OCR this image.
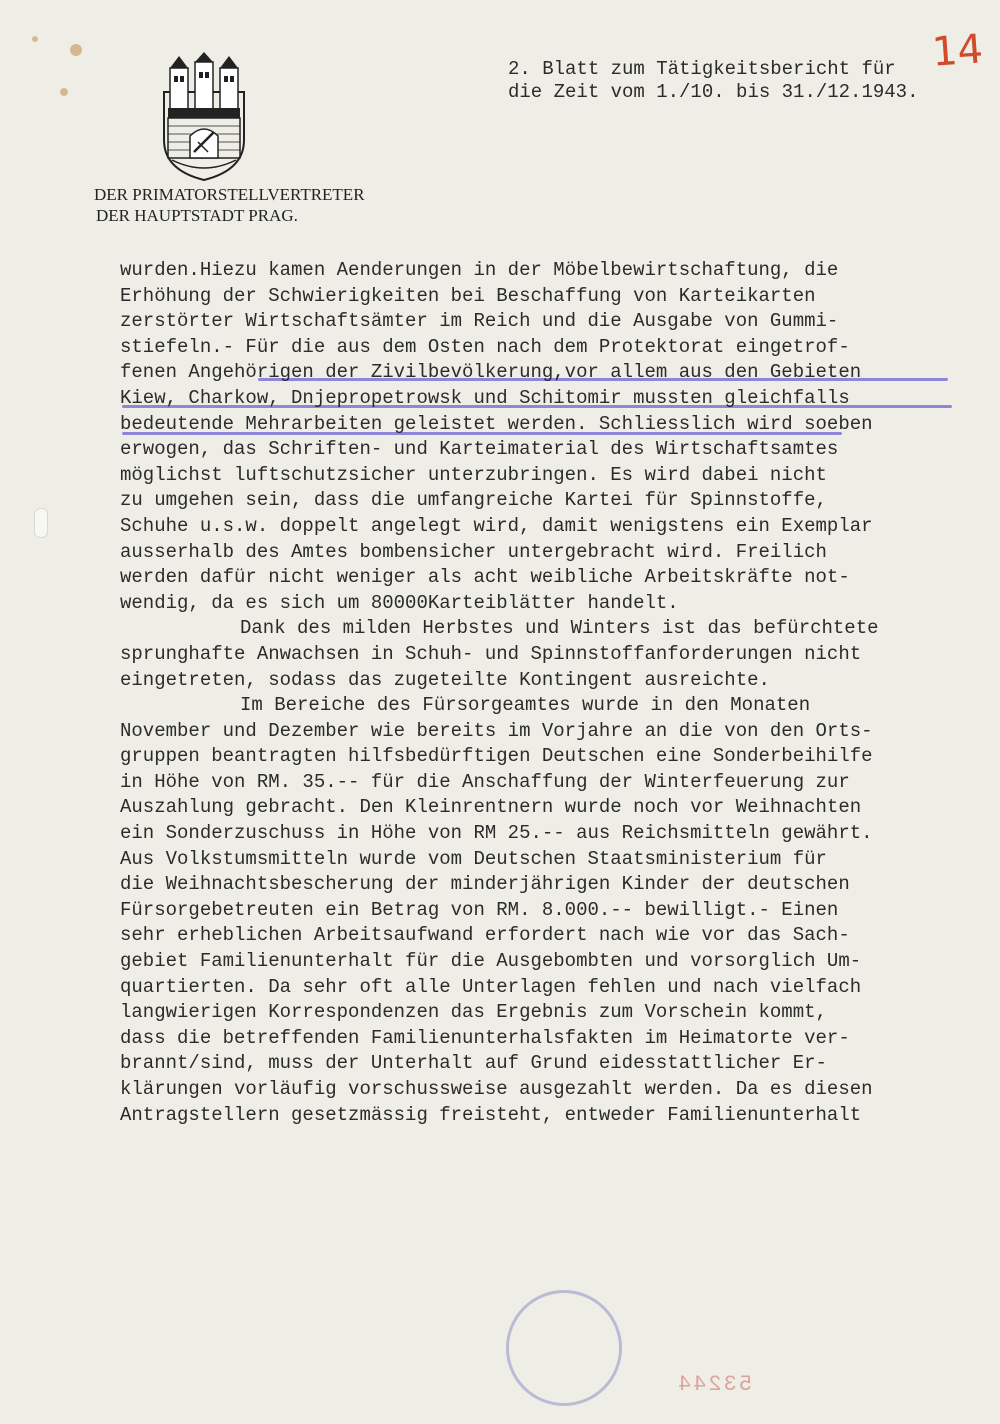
DER PRIMATORSTELLVERTRETER
DER HAUPTSTADT PRAG.
2. Blatt zum Tätigkeitsbericht für
die Zeit vom 1./10. bis 31./12.1943.
14
wurden.Hiezu kamen Aenderungen in der Möbelbewirtschaftung, die
Erhöhung der Schwierigkeiten bei Beschaffung von Karteikarten
zerstörter Wirtschaftsämter im Reich und die Ausgabe von Gummi-
stiefeln.- Für die aus dem Osten nach dem Protektorat eingetrof-
fenen Angehörigen der Zivilbevölkerung,vor allem aus den Gebieten
Kiew, Charkow, Dnjepropetrowsk und Schitomir mussten gleichfalls
bedeutende Mehrarbeiten geleistet werden. Schliesslich wird soeben
erwogen, das Schriften- und Karteimaterial des Wirtschaftsamtes
möglichst luftschutzsicher unterzubringen. Es wird dabei nicht
zu umgehen sein, dass die umfangreiche Kartei für Spinnstoffe,
Schuhe u.s.w. doppelt angelegt wird, damit wenigstens ein Exemplar
ausserhalb des Amtes bombensicher untergebracht wird. Freilich
werden dafür nicht weniger als acht weibliche Arbeitskräfte not-
wendig, da es sich um 80000Karteiblätter handelt.
Dank des milden Herbstes und Winters ist das befürchtete
sprunghafte Anwachsen in Schuh- und Spinnstoffanforderungen nicht
eingetreten, sodass das zugeteilte Kontingent ausreichte.
Im Bereiche des Fürsorgeamtes wurde in den Monaten
November und Dezember wie bereits im Vorjahre an die von den Orts-
gruppen beantragten hilfsbedürftigen Deutschen eine Sonderbeihilfe
in Höhe von RM. 35.-- für die Anschaffung der Winterfeuerung zur
Auszahlung gebracht. Den Kleinrentnern wurde noch vor Weihnachten
ein Sonderzuschuss in Höhe von RM 25.-- aus Reichsmitteln gewährt.
Aus Volkstumsmitteln wurde vom Deutschen Staatsministerium für
die Weihnachtsbescherung der minderjährigen Kinder der deutschen
Fürsorgebetreuten ein Betrag von RM. 8.000.-- bewilligt.- Einen
sehr erheblichen Arbeitsaufwand erfordert nach wie vor das Sach-
gebiet Familienunterhalt für die Ausgebombten und vorsorglich Um-
quartierten. Da sehr oft alle Unterlagen fehlen und nach vielfach
langwierigen Korrespondenzen das Ergebnis zum Vorschein kommt,
dass die betreffenden Familienunterhalsfakten im Heimatorte ver-
brannt/sind, muss der Unterhalt auf Grund eidesstattlicher Er-
klärungen vorläufig vorschussweise ausgezahlt werden. Da es diesen
Antragstellern gesetzmässig freisteht, entweder Familienunterhalt
53244
